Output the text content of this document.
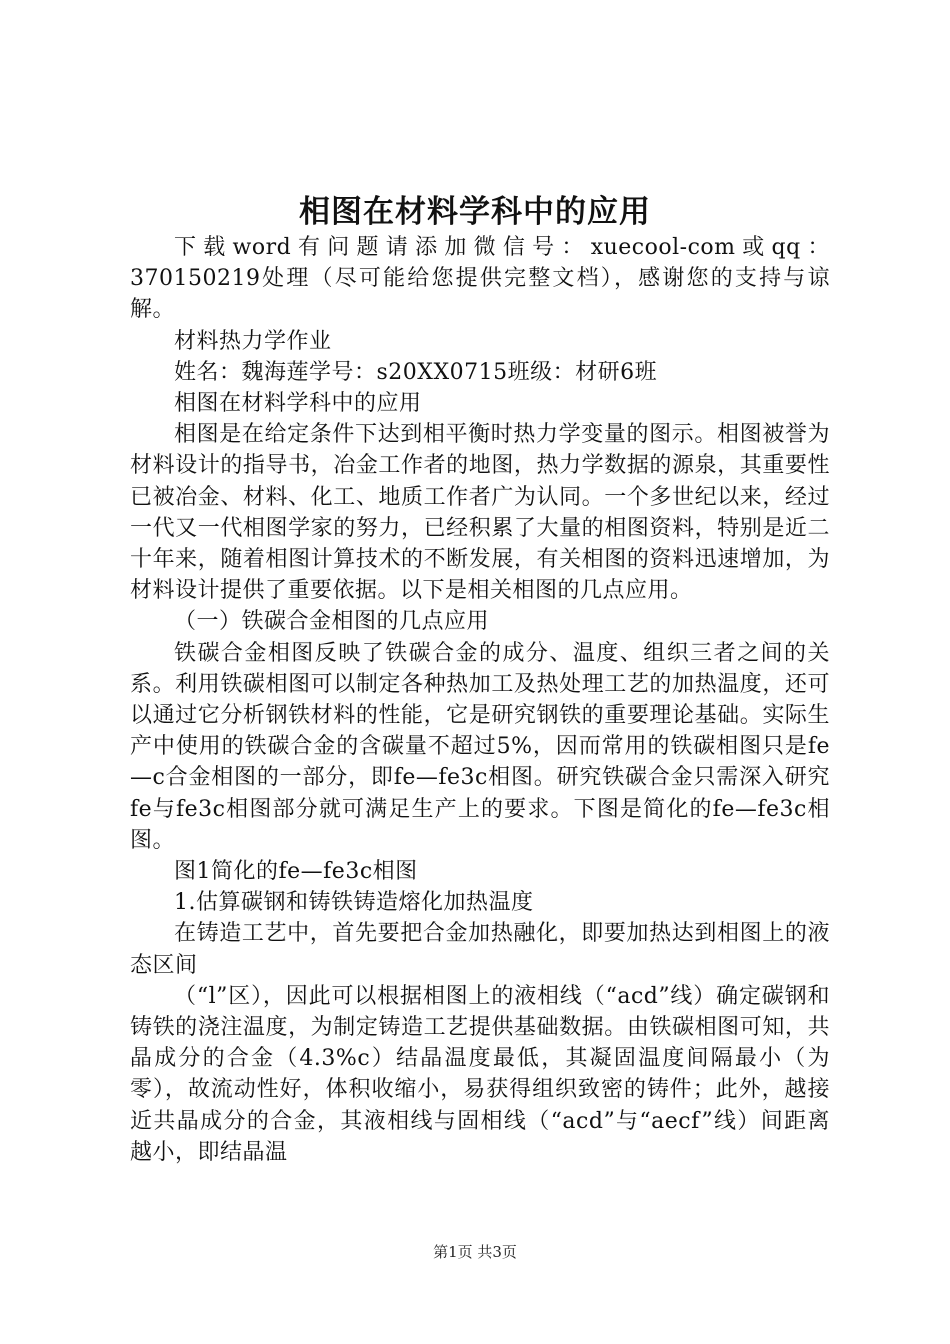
相图在材料学科中的应用

下载word有问题请添加微信号：xuecool-com或qq：370150219处理（尽可能给您提供完整文档），感谢您的支持与谅解。

材料热力学作业

姓名：魏海莲学号：s20XX0715班级：材研6班

相图在材料学科中的应用

相图是在给定条件下达到相平衡时热力学变量的图示。相图被誉为材料设计的指导书，冶金工作者的地图，热力学数据的源泉，其重要性已被冶金、材料、化工、地质工作者广为认同。一个多世纪以来，经过一代又一代相图学家的努力，已经积累了大量的相图资料，特别是近二十年来，随着相图计算技术的不断发展，有关相图的资料迅速增加，为材料设计提供了重要依据。以下是相关相图的几点应用。

（一）铁碳合金相图的几点应用

铁碳合金相图反映了铁碳合金的成分、温度、组织三者之间的关系。利用铁碳相图可以制定各种热加工及热处理工艺的加热温度，还可以通过它分析钢铁材料的性能，它是研究钢铁的重要理论基础。实际生产中使用的铁碳合金的含碳量不超过5%，因而常用的铁碳相图只是fe—c合金相图的一部分，即fe—fe3c相图。研究铁碳合金只需深入研究fe与fe3c相图部分就可满足生产上的要求。下图是简化的fe—fe3c相图。

图1简化的fe—fe3c相图

1.估算碳钢和铸铁铸造熔化加热温度

在铸造工艺中，首先要把合金加热融化，即要加热达到相图上的液态区间

（“l”区），因此可以根据相图上的液相线（“acd”线）确定碳钢和铸铁的浇注温度，为制定铸造工艺提供基础数据。由铁碳相图可知，共晶成分的合金（4.3%c）结晶温度最低，其凝固温度间隔最小（为零），故流动性好，体积收缩小，易获得组织致密的铸件；此外，越接近共晶成分的合金，其液相线与固相线（“acd”与“aecf”线）间距离越小，即结晶温

第1页 共3页
